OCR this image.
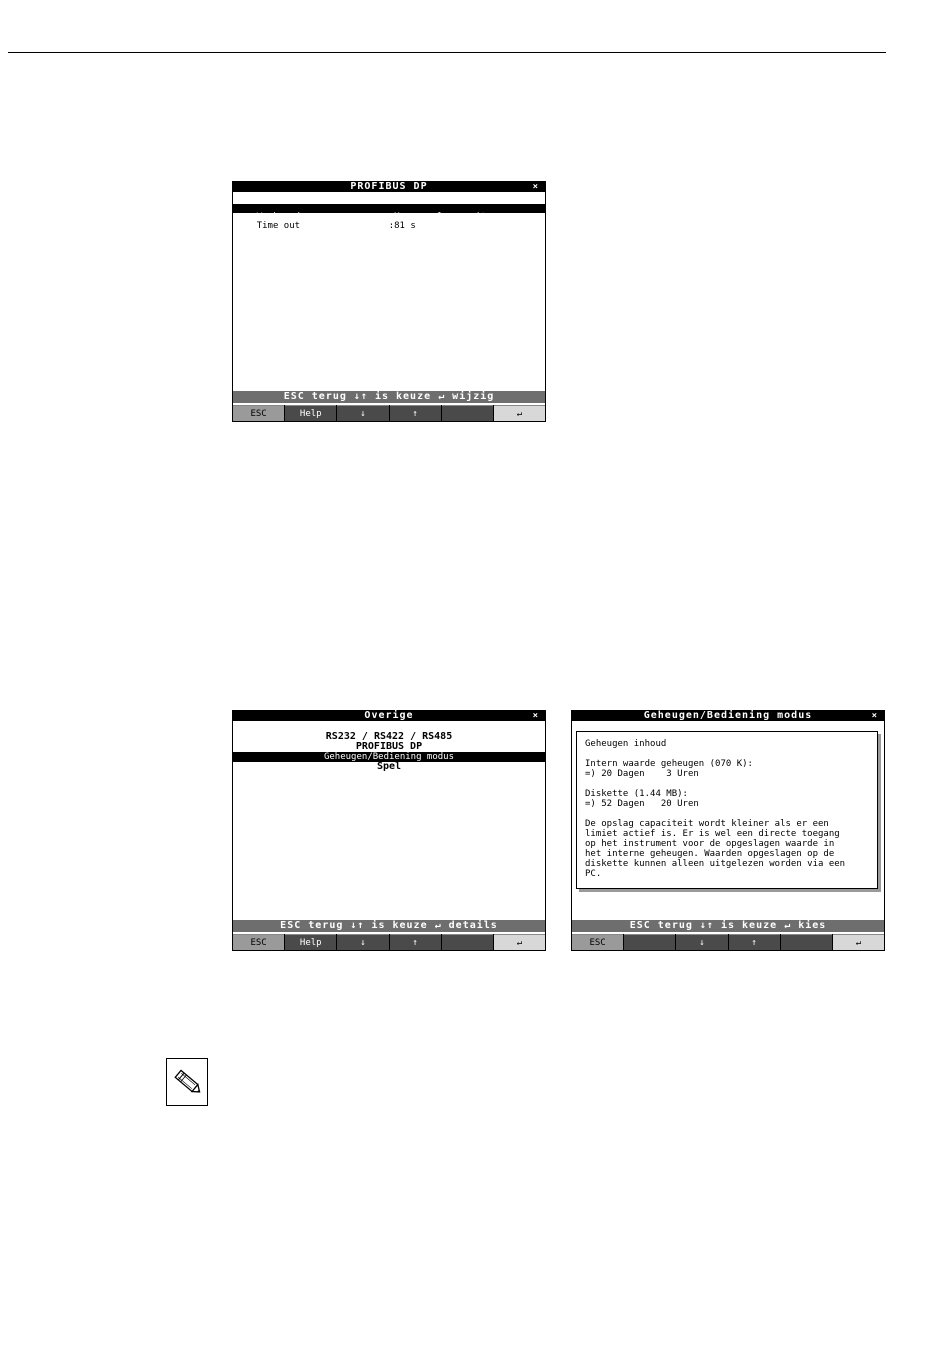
PROFIBUS DP	×

Werk modus	:Meas. value monitor

Time out	:81 s

ESC terug ↓↑ is keuze ↵ wijzig
ESC	Help	↓	↑	↵
Overige	×
RS232 / RS422 / RS485
PROFIBUS DP
Geheugen/Bediening modus
Spel
ESC terug ↓↑ is keuze ↵ details
ESC	Help	↓	↑	↵
Geheugen/Bediening modus	×

Geheugen inhoud

Intern waarde geheugen (070 K):
=) 20 Dagen    3 Uren

Diskette (1.44 MB):
=) 52 Dagen   20 Uren

De opslag capaciteit wordt kleiner als er een
limiet actief is. Er is wel een directe toegang
op het instrument voor de opgeslagen waarde in
het interne geheugen. Waarden opgeslagen op de
diskette kunnen alleen uitgelezen worden via een
PC.

ESC terug ↓↑ is keuze ↵ kies
ESC	↓	↑	↵
